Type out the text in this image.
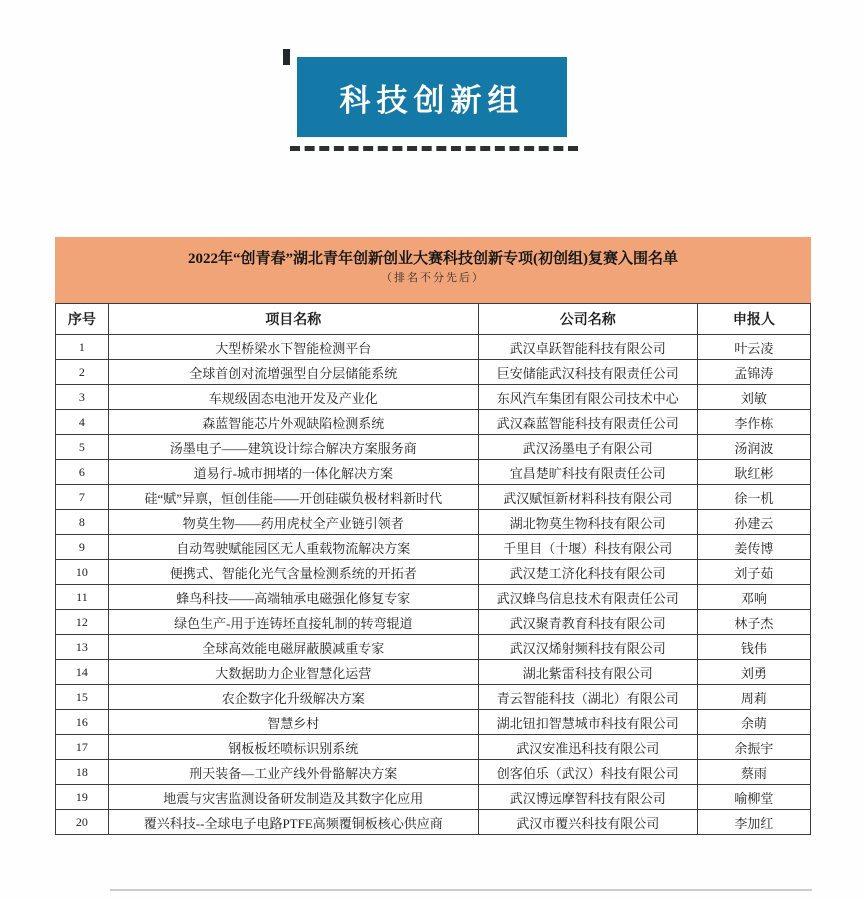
科技创新组
2022年“创青春”湖北青年创新创业大赛科技创新专项(初创组)复赛入围名单
（排名不分先后）
序号	项目名称	公司名称	申报人
1	大型桥梁水下智能检测平台	武汉卓跃智能科技有限公司	叶云凌
2	全球首创对流增强型自分层储能系统	巨安储能武汉科技有限责任公司	孟锦涛
3	车规级固态电池开发及产业化	东风汽车集团有限公司技术中心	刘敏
4	森蓝智能芯片外观缺陷检测系统	武汉森蓝智能科技有限责任公司	李作栋
5	汤墨电子——建筑设计综合解决方案服务商	武汉汤墨电子有限公司	汤润波
6	道易行-城市拥堵的一体化解决方案	宜昌楚旷科技有限责任公司	耿红彬
7	硅“赋”异禀，恒创佳能——开创硅碳负极材料新时代	武汉赋恒新材料科技有限公司	徐一机
8	物莫生物——药用虎杖全产业链引领者	湖北物莫生物科技有限公司	孙建云
9	自动驾驶赋能园区无人重载物流解决方案	千里目（十堰）科技有限公司	姜传博
10	便携式、智能化光气含量检测系统的开拓者	武汉楚工济化科技有限公司	刘子茹
11	蜂鸟科技——高端轴承电磁强化修复专家	武汉蜂鸟信息技术有限责任公司	邓响
12	绿色生产-用于连铸坯直接轧制的转弯辊道	武汉聚青教育科技有限公司	林子杰
13	全球高效能电磁屏蔽膜减重专家	武汉汉烯射频科技有限公司	钱伟
14	大数据助力企业智慧化运营	湖北紫雷科技有限公司	刘勇
15	农企数字化升级解决方案	青云智能科技（湖北）有限公司	周莉
16	智慧乡村	湖北钮扣智慧城市科技有限公司	余萌
17	钢板板坯喷标识别系统	武汉安准迅科技有限公司	余振宇
18	刑天装备—工业产线外骨骼解决方案	创客伯乐（武汉）科技有限公司	蔡雨
19	地震与灾害监测设备研发制造及其数字化应用	武汉博远摩智科技有限公司	喻柳堂
20	覆兴科技--全球电子电路PTFE高频覆铜板核心供应商	武汉市覆兴科技有限公司	李加红
